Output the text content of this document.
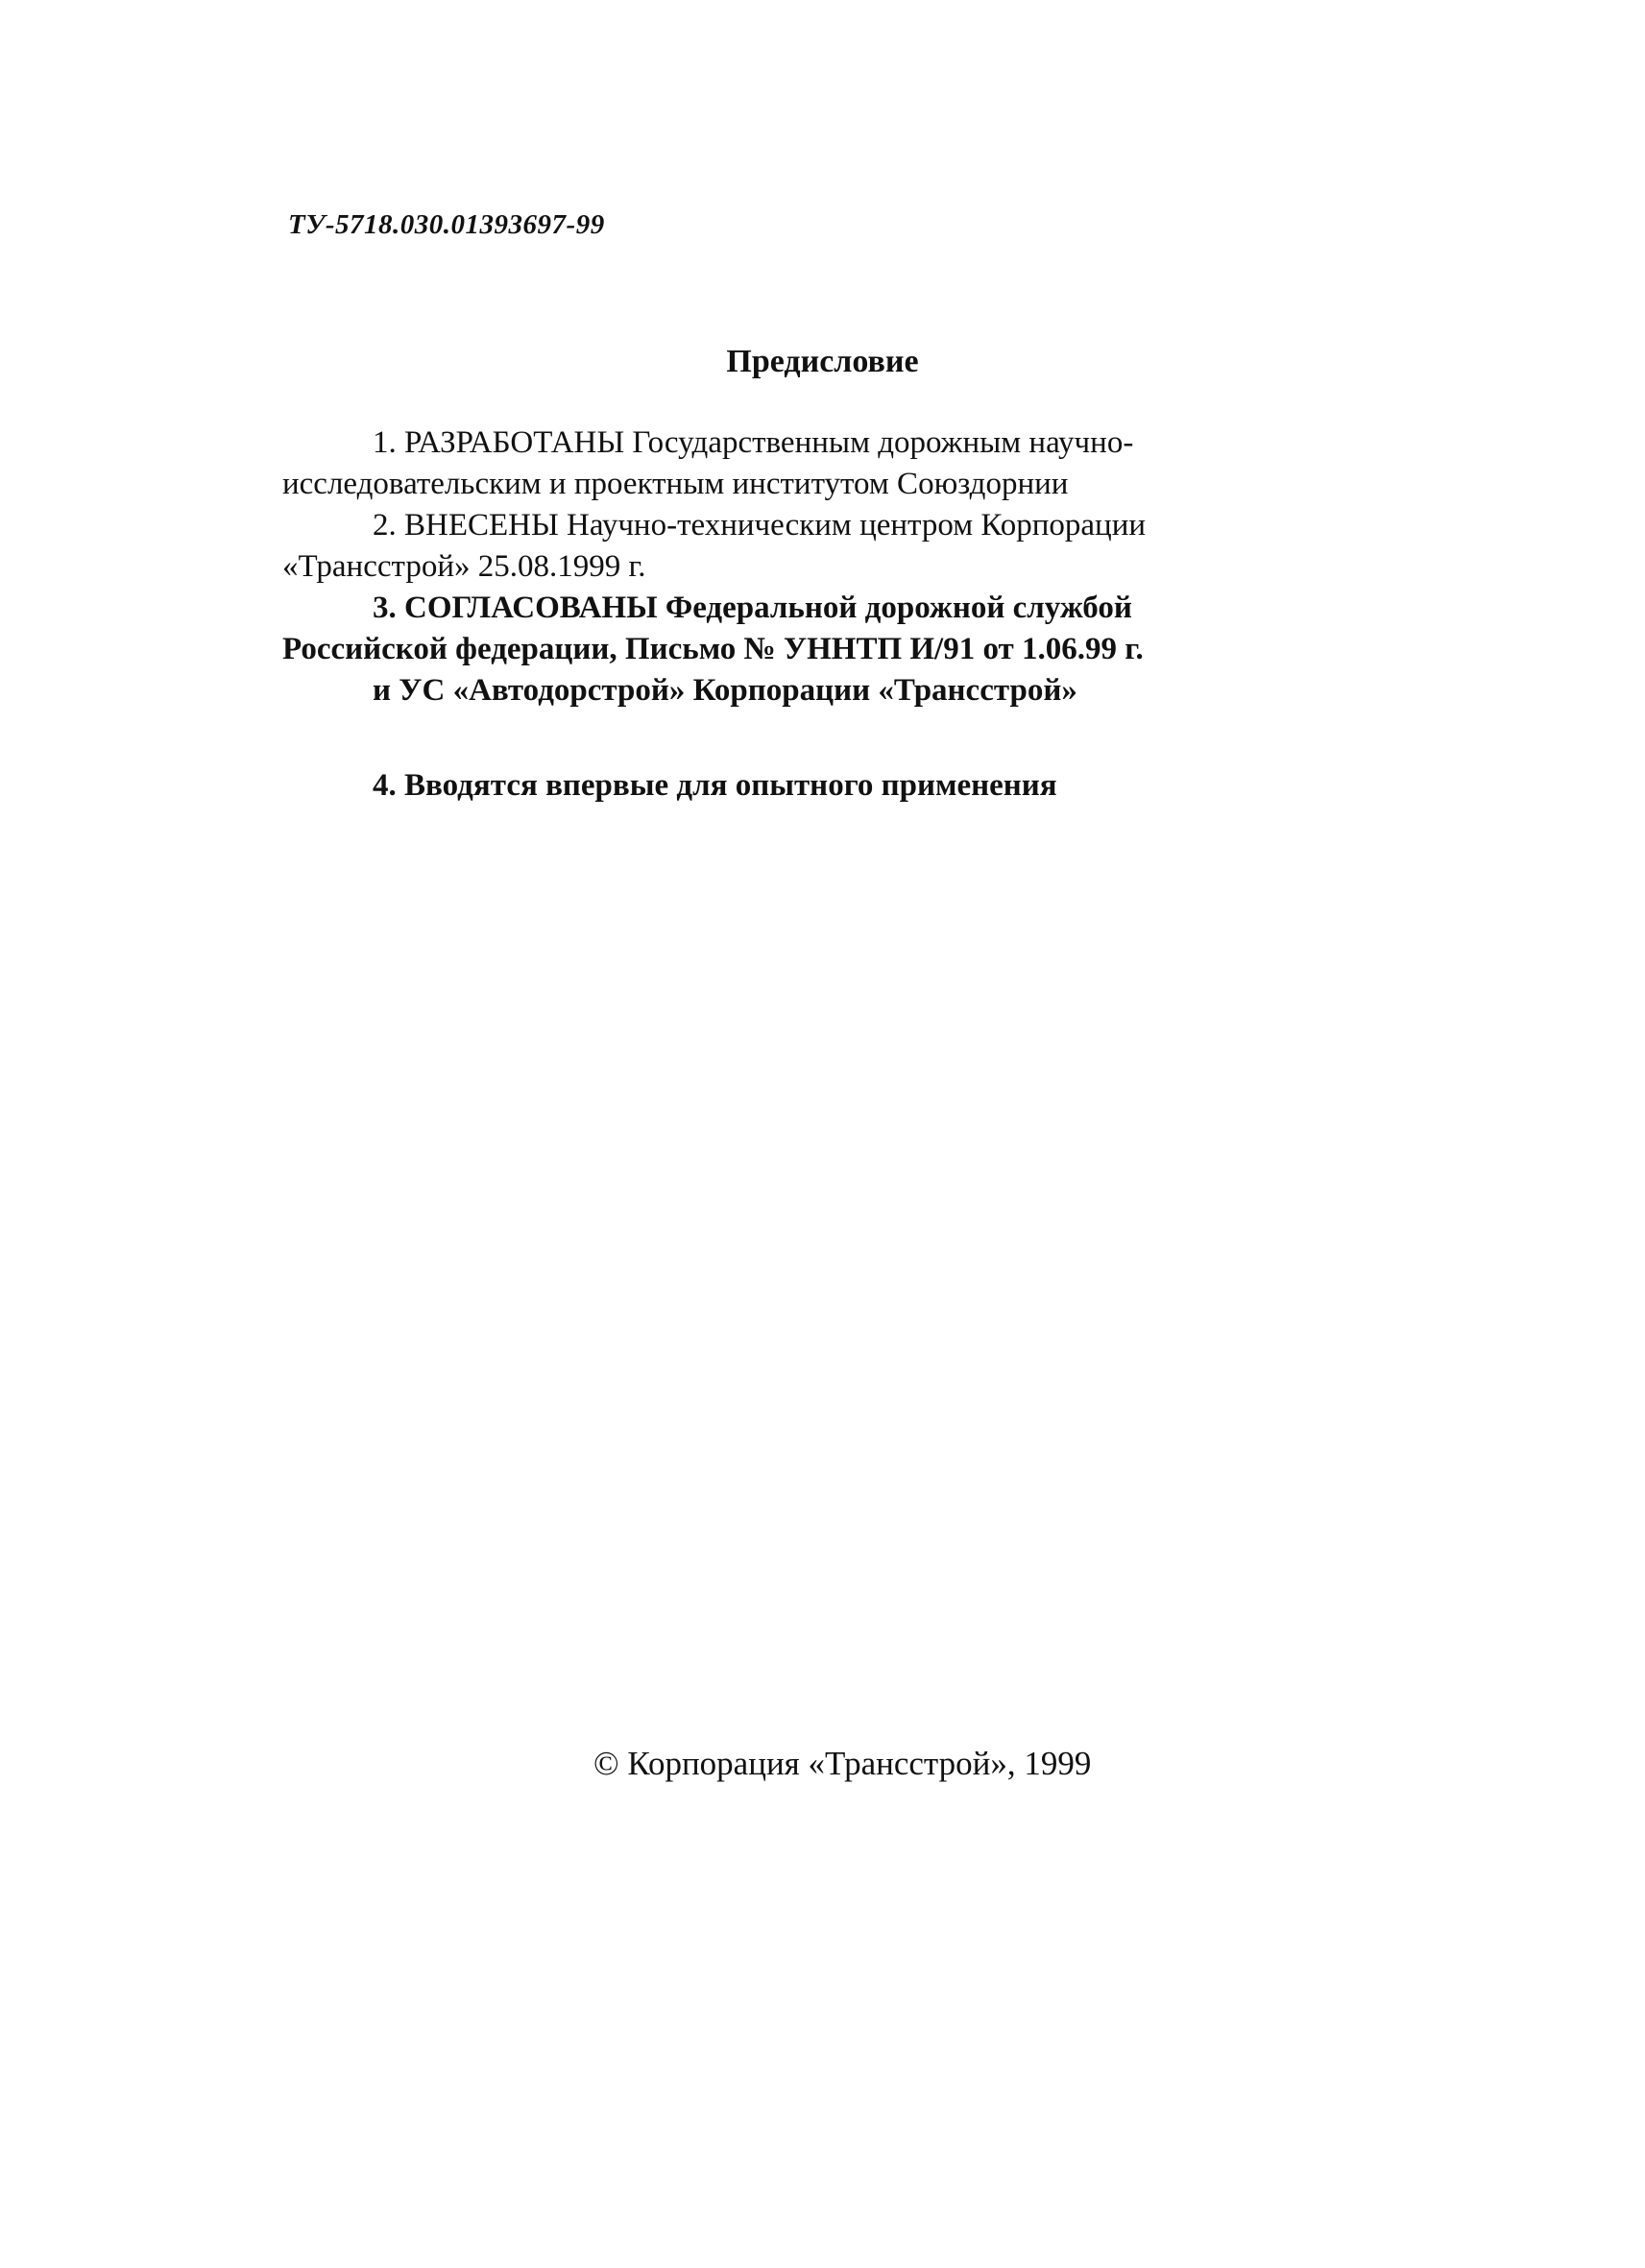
ТУ-5718.030.01393697-99
Предисловие
1. РАЗРАБОТАНЫ Государственным дорожным научно-
исследовательским и проектным институтом Союздорнии
2. ВНЕСЕНЫ Научно-техническим центром Корпорации
«Трансстрой» 25.08.1999 г.
3. СОГЛАСОВАНЫ Федеральной дорожной службой
Российской федерации, Письмо № УННТП И/91 от 1.06.99 г.
и УС «Автодорстрой» Корпорации «Трансстрой»
4. Вводятся впервые для опытного применения
© Корпорация «Трансстрой», 1999
